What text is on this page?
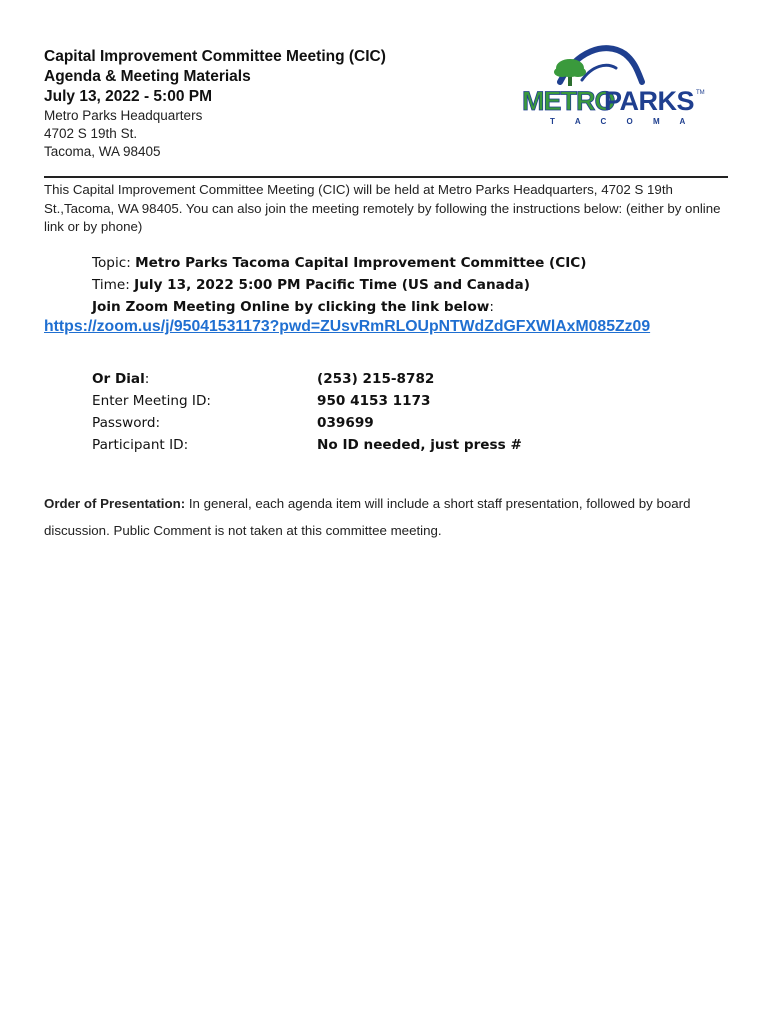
Capital Improvement Committee Meeting (CIC)
Agenda & Meeting Materials
July 13, 2022 - 5:00 PM
Metro Parks Headquarters
4702 S 19th St.
Tacoma, WA 98405
METRO
PARKS TM
T A C O M A
This Capital Improvement Committee Meeting (CIC) will be held at Metro Parks Headquarters, 4702 S 19th St.,Tacoma, WA 98405. You can also join the meeting remotely by following the instructions below: (either by online link or by phone)
Topic: Metro Parks Tacoma Capital Improvement Committee (CIC)
Time: July 13, 2022 5:00 PM Pacific Time (US and Canada)
Join Zoom Meeting Online by clicking the link below:
https://zoom.us/j/95041531173?pwd=ZUsvRmRLOUpNTWdZdGFXWlAxM085Zz09
Or Dial:	(253) 215-8782
Enter Meeting ID:	950 4153 1173
Password:	039699
Participant ID:	No ID needed, just press #
Order of Presentation: In general, each agenda item will include a short staff presentation, followed by board discussion. Public Comment is not taken at this committee meeting.
